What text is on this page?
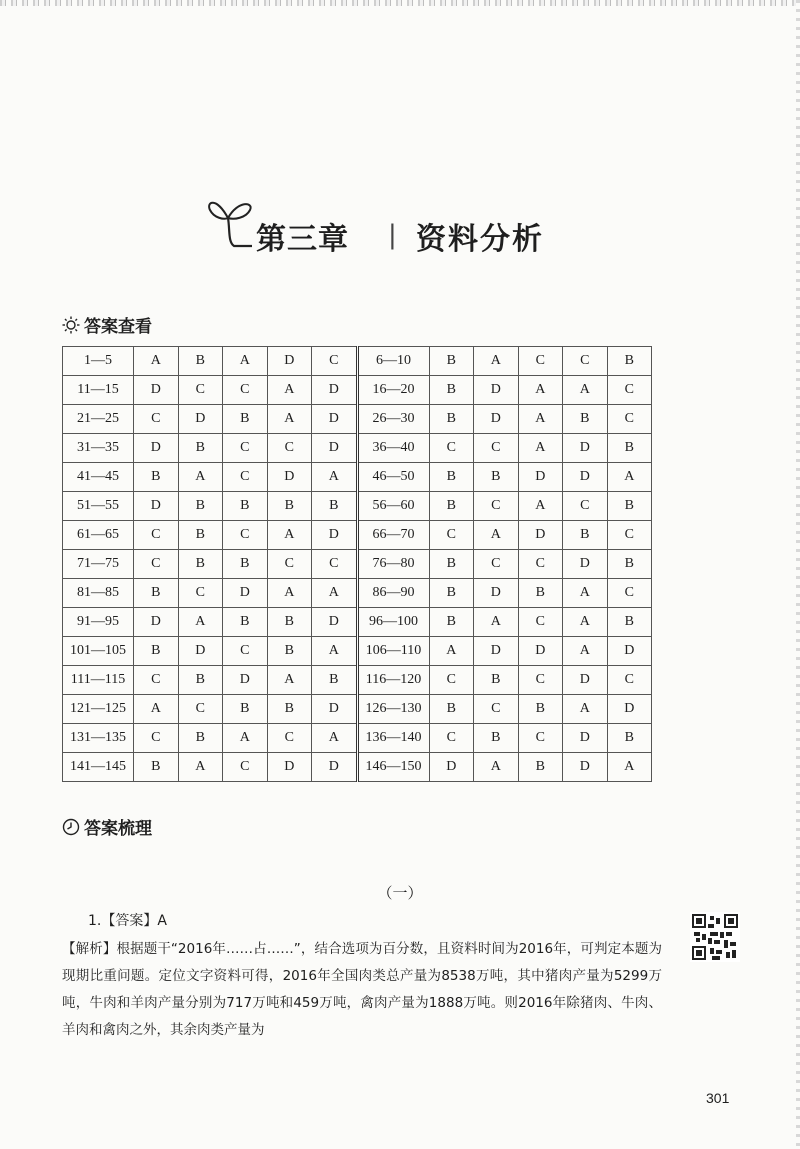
第三章 | 资料分析
答案查看
1—5	A	B	A	D	C	6—10	B	A	C	C	B
11—15	D	C	C	A	D	16—20	B	D	A	A	C
21—25	C	D	B	A	D	26—30	B	D	A	B	C
31—35	D	B	C	C	D	36—40	C	C	A	D	B
41—45	B	A	C	D	A	46—50	B	B	D	D	A
51—55	D	B	B	B	B	56—60	B	C	A	C	B
61—65	C	B	C	A	D	66—70	C	A	D	B	C
71—75	C	B	B	C	C	76—80	B	C	C	D	B
81—85	B	C	D	A	A	86—90	B	D	B	A	C
91—95	D	A	B	B	D	96—100	B	A	C	A	B
101—105	B	D	C	B	A	106—110	A	D	D	A	D
111—115	C	B	D	A	B	116—120	C	B	C	D	C
121—125	A	C	B	B	D	126—130	B	C	B	A	D
131—135	C	B	A	C	A	136—140	C	B	C	D	B
141—145	B	A	C	D	D	146—150	D	A	B	D	A
答案梳理
（一）
1.【答案】A
【解析】根据题干“2016年……占……”，结合选项为百分数，且资料时间为2016年，可判定本题为现期比重问题。定位文字资料可得，2016年全国肉类总产量为8538万吨，其中猪肉产量为5299万吨，牛肉和羊肉产量分别为717万吨和459万吨，禽肉产量为1888万吨。则2016年除猪肉、牛肉、羊肉和禽肉之外，其余肉类产量为
301
